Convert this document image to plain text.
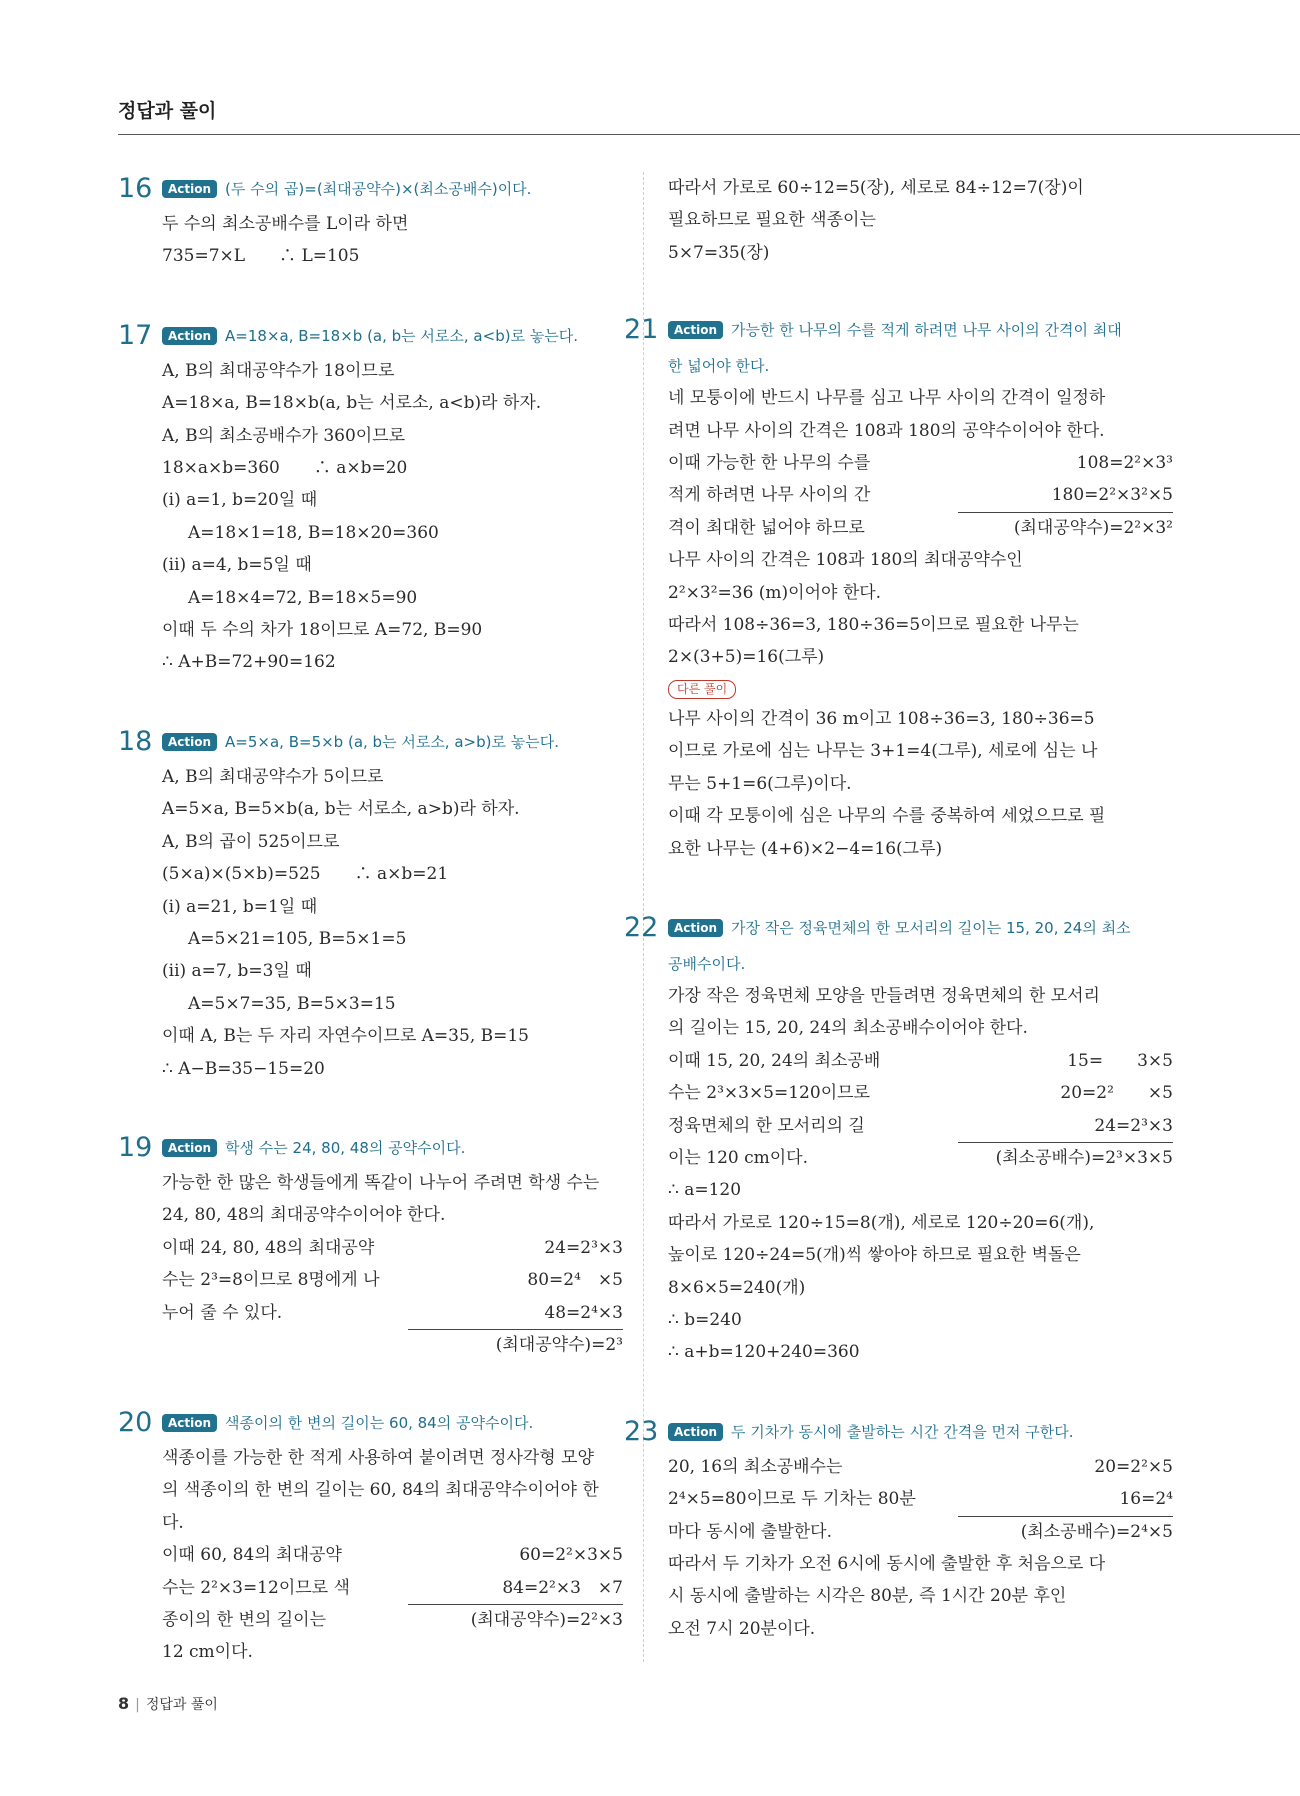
정답과 풀이
16	Action (두 수의 곱)=(최대공약수)×(최소공배수)이다.
두 수의 최소공배수를 L이라 하면
735=7×L　　∴ L=105
17	Action A=18×a, B=18×b (a, b는 서로소, a<b)로 놓는다.
A, B의 최대공약수가 18이므로
A=18×a, B=18×b(a, b는 서로소, a<b)라 하자.
A, B의 최소공배수가 360이므로
18×a×b=360　　∴ a×b=20
(i) a=1, b=20일 때
A=18×1=18, B=18×20=360
(ii) a=4, b=5일 때
A=18×4=72, B=18×5=90
이때 두 수의 차가 18이므로 A=72, B=90
∴ A+B=72+90=162
18	Action A=5×a, B=5×b (a, b는 서로소, a>b)로 놓는다.
A, B의 최대공약수가 5이므로
A=5×a, B=5×b(a, b는 서로소, a>b)라 하자.
A, B의 곱이 525이므로
(5×a)×(5×b)=525　　∴ a×b=21
(i) a=21, b=1일 때
A=5×21=105, B=5×1=5
(ii) a=7, b=3일 때
A=5×7=35, B=5×3=15
이때 A, B는 두 자리 자연수이므로 A=35, B=15
∴ A−B=35−15=20
19	Action 학생 수는 24, 80, 48의 공약수이다.
가능한 한 많은 학생들에게 똑같이 나누어 주려면 학생 수는
24, 80, 48의 최대공약수이어야 한다.
이때 24, 80, 48의 최대공약
수는 2³=8이므로 8명에게 나
누어 줄 수 있다.
24=2³×3
80=2⁴　×5
48=2⁴×3
(최대공약수)=2³
20	Action 색종이의 한 변의 길이는 60, 84의 공약수이다.
색종이를 가능한 한 적게 사용하여 붙이려면 정사각형 모양
의 색종이의 한 변의 길이는 60, 84의 최대공약수이어야 한
다.
이때 60, 84의 최대공약
수는 2²×3=12이므로 색
종이의 한 변의 길이는
12 cm이다.
60=2²×3×5
84=2²×3　×7
(최대공약수)=2²×3
따라서 가로로 60÷12=5(장), 세로로 84÷12=7(장)이
필요하므로 필요한 색종이는
5×7=35(장)
21	Action 가능한 한 나무의 수를 적게 하려면 나무 사이의 간격이 최대
한 넓어야 한다.
네 모퉁이에 반드시 나무를 심고 나무 사이의 간격이 일정하
려면 나무 사이의 간격은 108과 180의 공약수이어야 한다.
이때 가능한 한 나무의 수를
적게 하려면 나무 사이의 간
격이 최대한 넓어야 하므로
108=2²×3³
180=2²×3²×5
(최대공약수)=2²×3²
나무 사이의 간격은 108과 180의 최대공약수인
2²×3²=36 (m)이어야 한다.
따라서 108÷36=3, 180÷36=5이므로 필요한 나무는
2×(3+5)=16(그루)
다른 풀이
나무 사이의 간격이 36 m이고 108÷36=3, 180÷36=5
이므로 가로에 심는 나무는 3+1=4(그루), 세로에 심는 나
무는 5+1=6(그루)이다.
이때 각 모퉁이에 심은 나무의 수를 중복하여 세었으므로 필
요한 나무는 (4+6)×2−4=16(그루)
22	Action 가장 작은 정육면체의 한 모서리의 길이는 15, 20, 24의 최소
공배수이다.
가장 작은 정육면체 모양을 만들려면 정육면체의 한 모서리
의 길이는 15, 20, 24의 최소공배수이어야 한다.
이때 15, 20, 24의 최소공배
수는 2³×3×5=120이므로
정육면체의 한 모서리의 길
이는 120 cm이다.
15=　　3×5
20=2²　　×5
24=2³×3
(최소공배수)=2³×3×5
∴ a=120
따라서 가로로 120÷15=8(개), 세로로 120÷20=6(개),
높이로 120÷24=5(개)씩 쌓아야 하므로 필요한 벽돌은
8×6×5=240(개)
∴ b=240
∴ a+b=120+240=360
23	Action 두 기차가 동시에 출발하는 시간 간격을 먼저 구한다.
20, 16의 최소공배수는
2⁴×5=80이므로 두 기차는 80분
마다 동시에 출발한다.
20=2²×5
16=2⁴
(최소공배수)=2⁴×5
따라서 두 기차가 오전 6시에 동시에 출발한 후 처음으로 다
시 동시에 출발하는 시각은 80분, 즉 1시간 20분 후인
오전 7시 20분이다.
8 | 정답과 풀이
